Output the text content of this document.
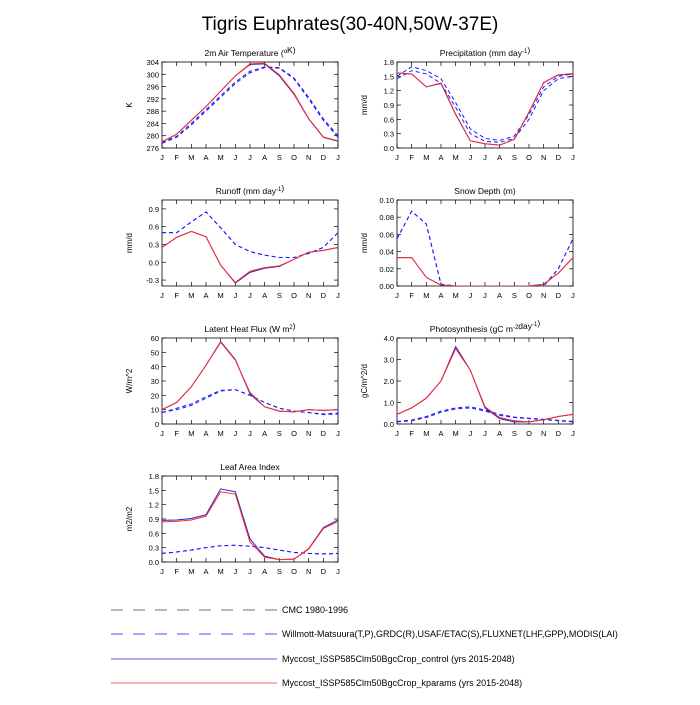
Tigris Euphrates(30-40N,50W-37E)
2m Air Temperature ($^o$K)
276
280
284
288
292
296
300
304
J F M A M J J A S O N D J
K
Precipitation (mm day$^{-1}$)
0.0
0.3
0.6
0.9
1.2
1.5
1.8
J F M A M J J A S O N D J
mm/d
Runoff (mm day$^{-1}$)
-0.3
0.0
0.3
0.6
0.9
J F M A M J J A S O N D J
mm/d
Snow Depth (m)
0.00
0.02
0.04
0.06
0.08
0.10
J F M A M J J A S O N D J
mm/d
Latent Heat Flux (W $m^2$)
0
10
20
30
40
50
60
J F M A M J J A S O N D J
W/m^2
Photosynthesis (gC $m^{-2}day^{-1}$)
0.0
1.0
2.0
3.0
4.0
J F M A M J J A S O N D J
gC/m^2/d
Leaf Area Index
0.0
0.3
0.6
0.9
1.2
1.5
1.8
J F M A M J J A S O N D J
m2/m2
CMC 1980-1996
Willmott-Matsuura(T,P),GRDC(R),USAF/ETAC(S),FLUXNET(LHF,GPP),MODIS(LAI)
Myccost_ISSP585Clm50BgcCrop_control (yrs 2015-2048)
Myccost_ISSP585Clm50BgcCrop_kparams (yrs 2015-2048)
